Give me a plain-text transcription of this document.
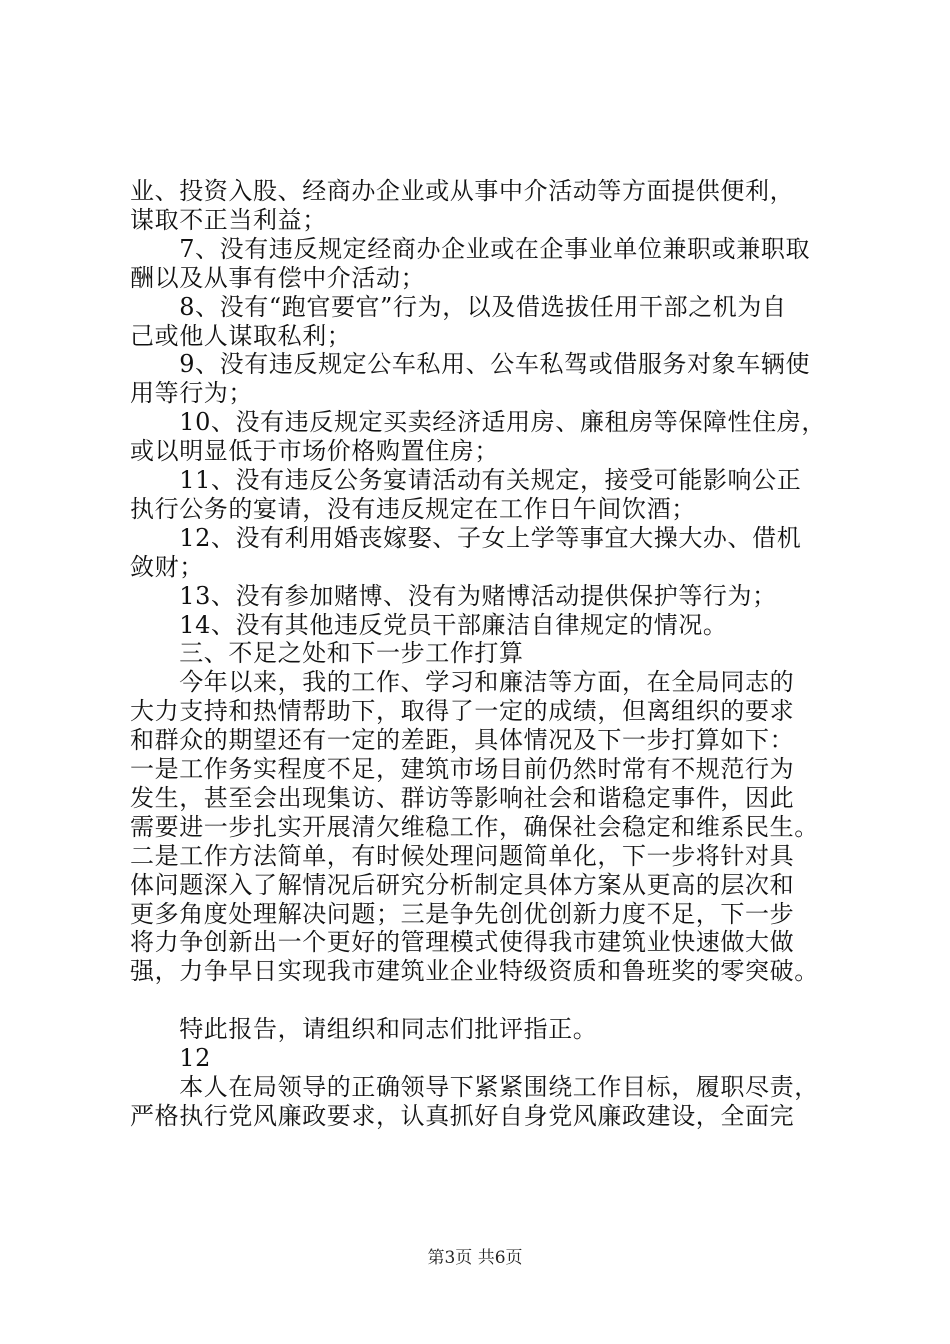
业、投资入股、经商办企业或从事中介活动等方面提供便利，
谋取不正当利益；
　　7、没有违反规定经商办企业或在企事业单位兼职或兼职取
酬以及从事有偿中介活动；
　　8、没有“跑官要官”行为，以及借选拔任用干部之机为自
己或他人谋取私利；
　　9、没有违反规定公车私用、公车私驾或借服务对象车辆使
用等行为；
　　10、没有违反规定买卖经济适用房、廉租房等保障性住房，
或以明显低于市场价格购置住房；
　　11、没有违反公务宴请活动有关规定，接受可能影响公正
执行公务的宴请，没有违反规定在工作日午间饮酒；
　　12、没有利用婚丧嫁娶、子女上学等事宜大操大办、借机
敛财；
　　13、没有参加赌博、没有为赌博活动提供保护等行为；
　　14、没有其他违反党员干部廉洁自律规定的情况。
　　三、不足之处和下一步工作打算
　　今年以来，我的工作、学习和廉洁等方面，在全局同志的
大力支持和热情帮助下，取得了一定的成绩，但离组织的要求
和群众的期望还有一定的差距，具体情况及下一步打算如下：
一是工作务实程度不足，建筑市场目前仍然时常有不规范行为
发生，甚至会出现集访、群访等影响社会和谐稳定事件，因此
需要进一步扎实开展清欠维稳工作，确保社会稳定和维系民生。
二是工作方法简单，有时候处理问题简单化，下一步将针对具
体问题深入了解情况后研究分析制定具体方案从更高的层次和
更多角度处理解决问题；三是争先创优创新力度不足，下一步
将力争创新出一个更好的管理模式使得我市建筑业快速做大做
强，力争早日实现我市建筑业企业特级资质和鲁班奖的零突破。
　　特此报告，请组织和同志们批评指正。
　　12
　　本人在局领导的正确领导下紧紧围绕工作目标，履职尽责，
严格执行党风廉政要求，认真抓好自身党风廉政建设，全面完
第3页 共6页
